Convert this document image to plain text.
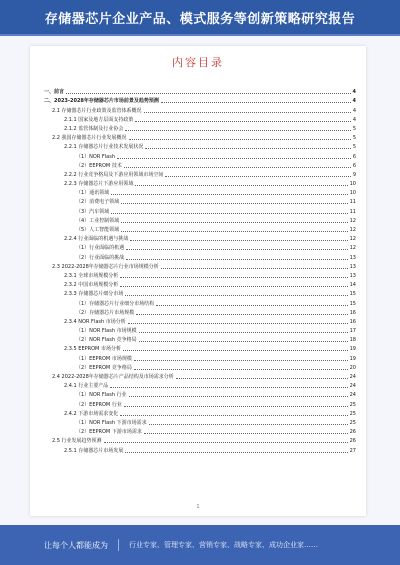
存储器芯片企业产品、模式服务等创新策略研究报告
内容目录
一、前言	4
二、2023-2028年存储器芯片市场前景及趋势预测	4
2.1 存储器芯片行业政策及监管体系概况	4
2.1.1 国家及地方层面支持政策	4
2.1.2 监管体制及行业协会	5
2.2 我国存储器芯片行业发展概况	5
2.2.1 存储器芯片行业技术发展状况	5
（1）NOR Flash	6
（2）EEPROM 技术	6
2.2.2 行业竞争格局及下游应用领域市场空间	9
2.2.3 存储器芯片下游应用领域	10
（1）通讯领域	10
（2）消费电子领域	11
（3）汽车领域	11
（4）工业控制领域	12
（5）人工智能领域	12
2.2.4 行业面临的机遇与挑战	12
（1）行业面临的机遇	12
（2）行业面临的挑战	13
2.3 2022-2028年存储器芯片行业市场规模分析	13
2.3.1 全球市场规模分析	13
2.3.2 中国市场规模分析	14
2.3.3 存储器芯片细分市场	15
（1）存储器芯片行业细分市场结构	15
（2）存储器芯片市场规模	16
2.3.4 NOR Flash 市场分析	16
（1）NOR Flash 市场规模	17
（2）NOR Flash 竞争格局	18
2.3.5 EEPROM 市场分析	19
（1）EEPROM 市场规模	19
（2）EEPROM 竞争格局	20
2.4 2022-2028年存储器芯片产品结构及市场需求分析	24
2.4.1 行业主要产品	24
（1）NOR Flash 行业	24
（2）EEPROM 行业	25
2.4.2 下游市场需求变化	25
（1）NOR Flash 下游市场需求	25
（2）EEPROM 下游市场需求	26
2.5 行业发展趋势预测	26
2.5.1 存储器芯片市场发展	27
1
让每个人都能成为	行业专家、管理专家、营销专家、战略专家、成功企业家……
